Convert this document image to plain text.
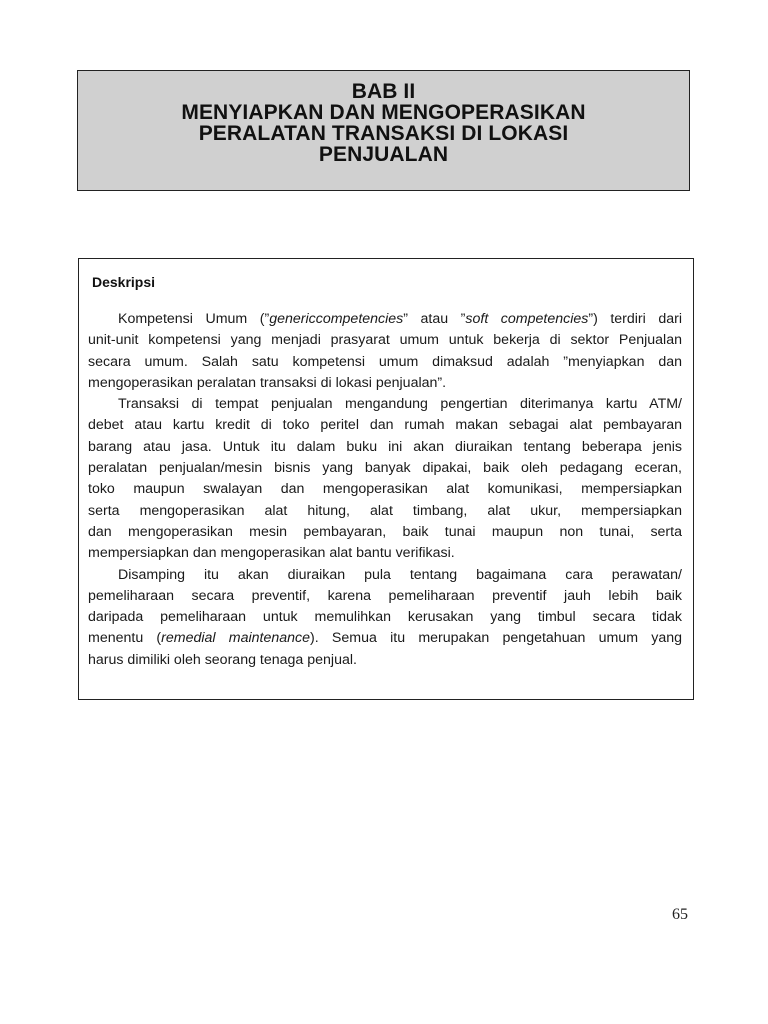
BAB II
MENYIAPKAN DAN MENGOPERASIKAN
PERALATAN TRANSAKSI DI LOKASI
PENJUALAN
Deskripsi
Kompetensi Umum (”genericcompetencies” atau ”soft competencies”) terdiri dari
unit-unit kompetensi yang menjadi prasyarat umum untuk bekerja di sektor Penjualan
secara umum. Salah satu kompetensi umum dimaksud adalah ”menyiapkan dan
mengoperasikan peralatan transaksi di lokasi penjualan”.
Transaksi di tempat penjualan mengandung pengertian diterimanya kartu ATM/
debet atau kartu kredit di toko peritel dan rumah makan sebagai alat pembayaran
barang atau jasa. Untuk itu dalam buku ini akan diuraikan tentang beberapa jenis
peralatan penjualan/mesin bisnis yang banyak dipakai, baik oleh pedagang eceran,
toko maupun swalayan dan mengoperasikan alat komunikasi, mempersiapkan
serta mengoperasikan alat hitung, alat timbang, alat ukur, mempersiapkan
dan mengoperasikan mesin pembayaran, baik tunai maupun non tunai, serta
mempersiapkan dan mengoperasikan alat bantu verifikasi.
Disamping itu akan diuraikan pula tentang bagaimana cara perawatan/
pemeliharaan secara preventif, karena pemeliharaan preventif jauh lebih baik
daripada pemeliharaan untuk memulihkan kerusakan yang timbul secara tidak
menentu (remedial maintenance). Semua itu merupakan pengetahuan umum yang
harus dimiliki oleh seorang tenaga penjual.
65
